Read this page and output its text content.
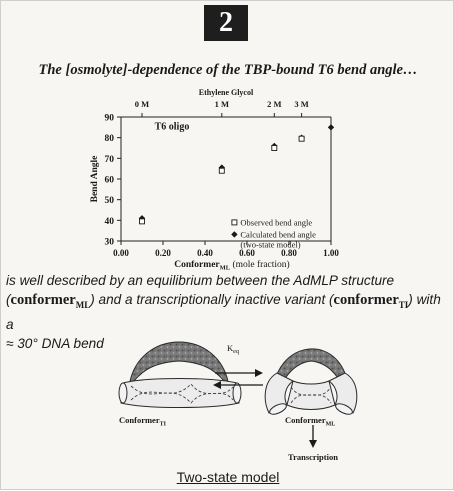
2
The [osmolyte]-dependence of the TBP-bound T6 bend angle…
0.00	0.20	0.40	0.60	0.80	1.00
30
40
50
60
70
80
90
Ethylene Glycol
0 M	1 M	2 M 3 M
Bend Angle
Conformer$_{ML}$ (mole fraction)
T6 oligo
Observed bend angle
Calculated bend angle
(two-state model)
is well described by an equilibrium between the AdMLP structure
(conformer$_{ML}$) and a transcriptionally inactive variant (conformer$_{TI}$) with a
≈ 30° DNA bend	$K_{eq}$
Conformer$_{TI}$	Conformer$_{ML}$
Transcription
Two-state model
